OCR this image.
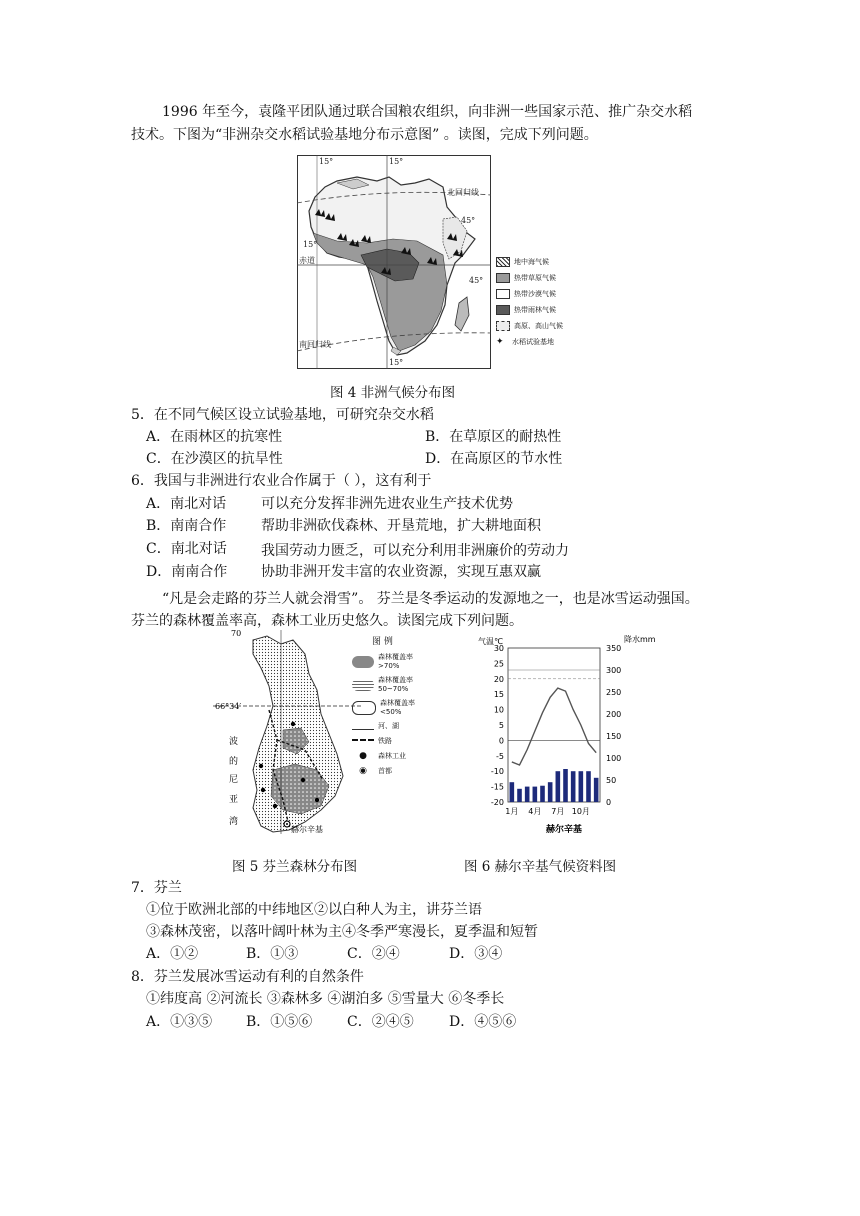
1996 年至今，袁隆平团队通过联合国粮农组织，向非洲一些国家示范、推广杂交水稻
技术。下图为“非洲杂交水稻试验基地分布示意图” 。读图，完成下列问题。
15°	15°
北回归线
45°
15°
赤道
45°
南回归线
15°
地中海气候
热带草原气候
热带沙漠气候
热带雨林气候
高原、高山气候
✦	水稻试验基地
图 4 非洲气候分布图
5．在不同气候区设立试验基地，可研究杂交水稻
A．在雨林区的抗寒性	B．在草原区的耐热性
C．在沙漠区的抗旱性	D．在高原区的节水性
6．我国与非洲进行农业合作属于（ ），这有利于
A．南北对话 可以充分发挥非洲先进农业生产技术优势
B．南南合作 帮助非洲砍伐森林、开垦荒地，扩大耕地面积
C．南北对话 我国劳动力匮乏，可以充分利用非洲廉价的劳动力
D．南南合作 协助非洲开发丰富的农业资源，实现互惠双赢
“凡是会走路的芬兰人就会滑雪”。 芬兰是冬季运动的发源地之一，也是冰雪运动强国。
芬兰的森林覆盖率高，森林工业历史悠久。读图完成下列问题。
70
66°34′
波
的
尼
亚
湾
赫尔辛基
图 例
森林覆盖率
>70%
森林覆盖率
50~70%
森林覆盖率
<50%
河、湖
铁路
●	森林工业
◉	首都
图 5 芬兰森林分布图
气温℃	降水mm
30
25
20
15
10
5
0
-5
-10
-15
-20
350
300
250
200
150
100
50
0
1月 4月 7月 10月
赫尔辛基
图 6 赫尔辛基气候资料图
7．芬兰
①位于欧洲北部的中纬地区②以白种人为主，讲芬兰语
③森林茂密，以落叶阔叶林为主④冬季严寒漫长，夏季温和短暂
A．①②	B．①③	C．②④	D．③④
8．芬兰发展冰雪运动有利的自然条件
①纬度高 ②河流长 ③森林多 ④湖泊多 ⑤雪量大 ⑥冬季长
A．①③⑤ B．①⑤⑥ C．②④⑤	D．④⑤⑥
